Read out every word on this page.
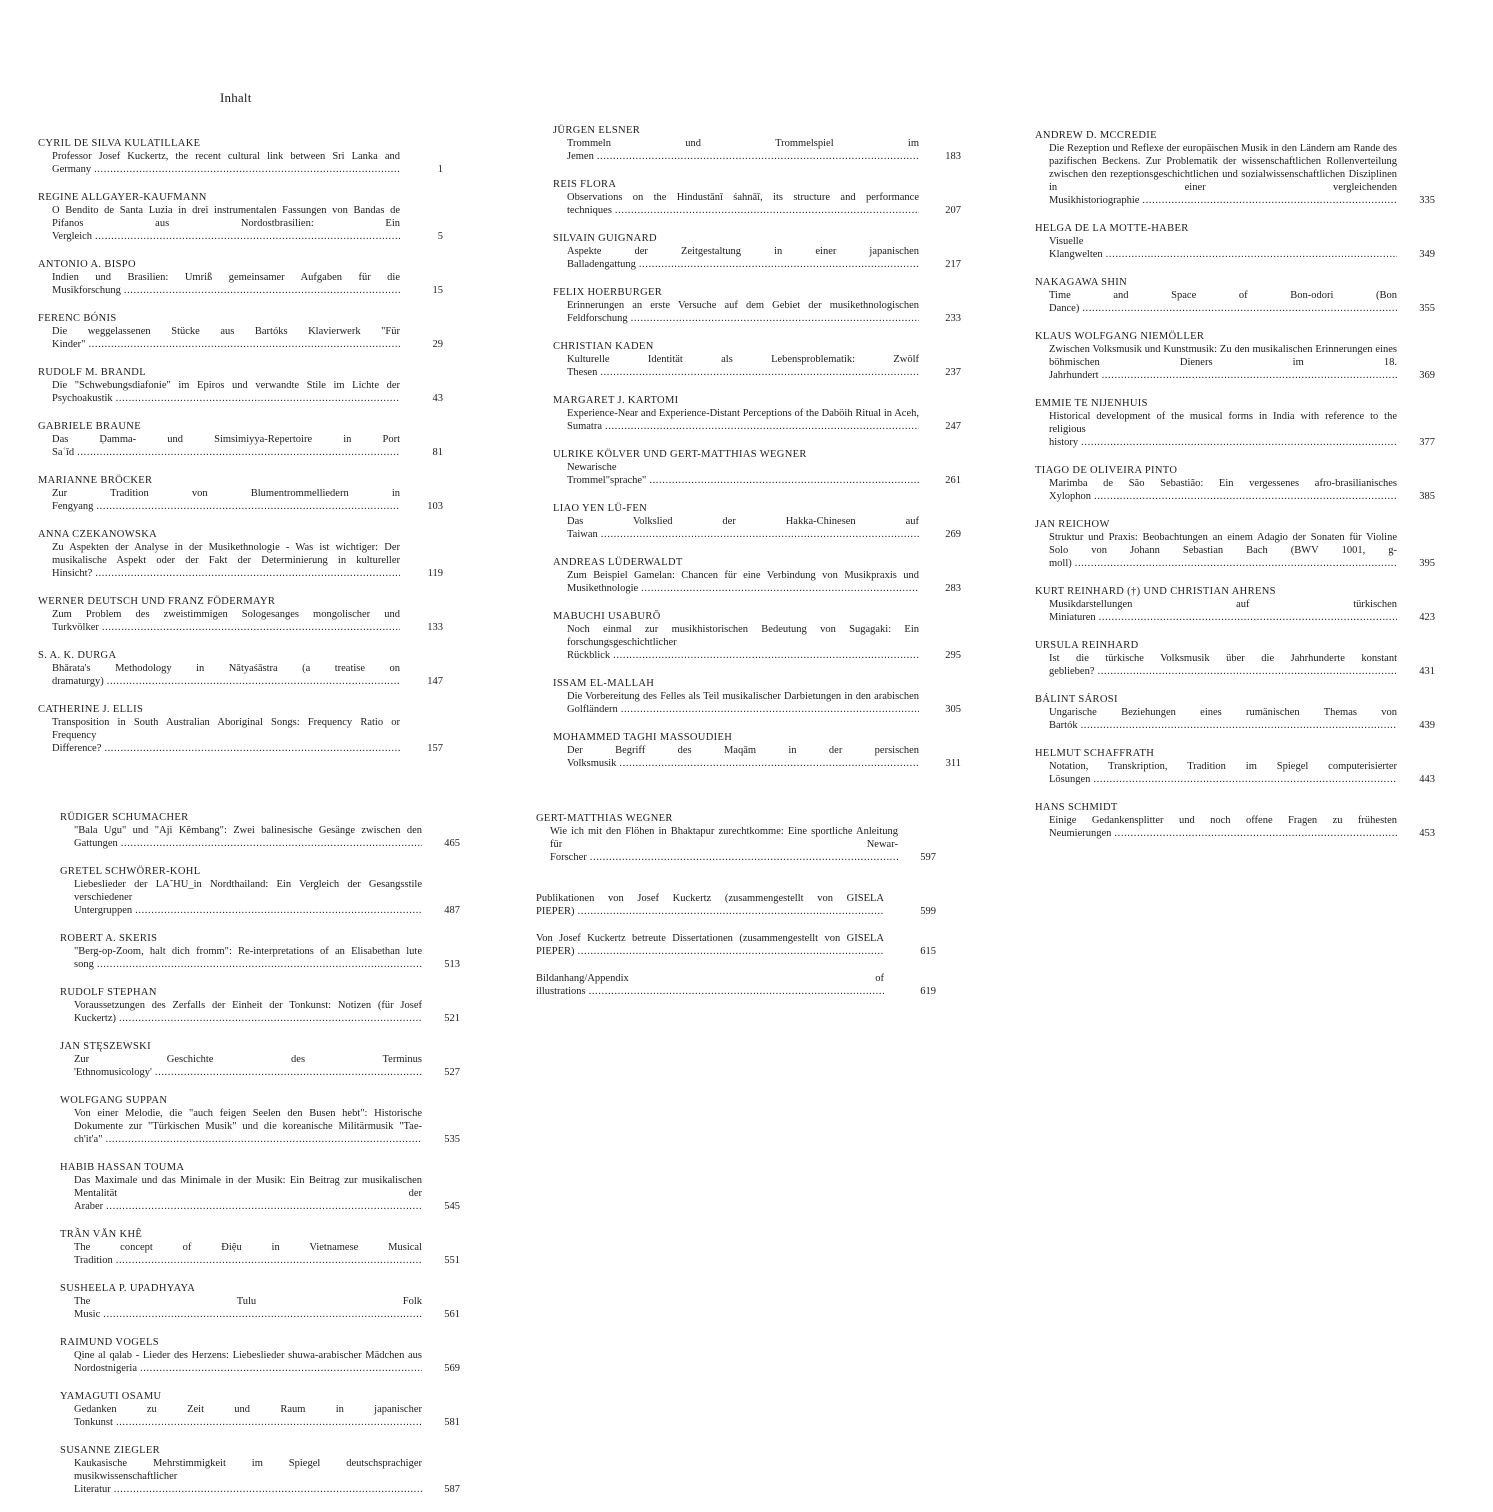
Inhalt
CYRIL DE SILVA KULATILLAKE
Professor Josef Kuckertz, the recent cultural link between Sri Lanka and Germany .....	1
REGINE ALLGAYER-KAUFMANN
O Bendito de Santa Luzia in drei instrumentalen Fassungen von Bandas de Pífanos aus Nordostbrasilien: Ein Vergleich .....	5
ANTONIO A. BISPO
Indien und Brasilien: Umriß gemeinsamer Aufgaben für die Musikforschung .....	15
FERENC BÓNIS
Die weggelassenen Stücke aus Bartóks Klavierwerk "Für Kinder" .....	29
RUDOLF M. BRANDL
Die "Schwebungsdiafonie" im Epiros und verwandte Stile im Lichte der Psychoakustik .....	43
GABRIELE BRAUNE
Das Ḍamma- und Simsimiyya-Repertoire in Port Saʿīd .....	81
MARIANNE BRÖCKER
Zur Tradition von Blumentrommelliedern in Fengyang .....	103
ANNA CZEKANOWSKA
Zu Aspekten der Analyse in der Musikethnologie - Was ist wichtiger: Der musikalische Aspekt oder der Fakt der Determinierung in kultureller Hinsicht? .....	119
WERNER DEUTSCH UND FRANZ FÖDERMAYR
Zum Problem des zweistimmigen Sologesanges mongolischer und Turkvölker .....	133
S. A. K. DURGA
Bhārata's Methodology in Nātyaśāstra (a treatise on dramaturgy) .....	147
CATHERINE J. ELLIS
Transposition in South Australian Aboriginal Songs: Frequency Ratio or Frequency Difference? .....	157
JÜRGEN ELSNER
Trommeln und Trommelspiel im Jemen .....	183
REIS FLORA
Observations on the Hindustānī śahnāī, its structure and performance techniques .....	207
SILVAIN GUIGNARD
Aspekte der Zeitgestaltung in einer japanischen Balladengattung .....	217
FELIX HOERBURGER
Erinnerungen an erste Versuche auf dem Gebiet der musikethnologischen Feldforschung .....	233
CHRISTIAN KADEN
Kulturelle Identität als Lebensproblematik: Zwölf Thesen .....	237
MARGARET J. KARTOMI
Experience-Near and Experience-Distant Perceptions of the Daböih Ritual in Aceh, Sumatra .....	247
ULRIKE KÖLVER UND GERT-MATTHIAS WEGNER
Newarische Trommel"sprache" .....	261
LIAO YEN LÜ-FEN
Das Volkslied der Hakka-Chinesen auf Taiwan .....	269
ANDREAS LÜDERWALDT
Zum Beispiel Gamelan: Chancen für eine Verbindung von Musikpraxis und Musikethnologie .....	283
MABUCHI USABURŌ
Noch einmal zur musikhistorischen Bedeutung von Sugagaki: Ein forschungsgeschichtlicher Rückblick .....	295
ISSAM EL-MALLAH
Die Vorbereitung des Felles als Teil musikalischer Darbietungen in den arabischen Golfländern .....	305
MOHAMMED TAGHI MASSOUDIEH
Der Begriff des Maqām in der persischen Volksmusik .....	311
ANDREW D. MCCREDIE
Die Rezeption und Reflexe der europäischen Musik in den Ländern am Rande des pazifischen Beckens. Zur Problematik der wissenschaftlichen Rollenverteilung zwischen den rezeptionsgeschichtlichen und sozialwissenschaftlichen Disziplinen in einer vergleichenden Musikhistoriographie .....	335
HELGA DE LA MOTTE-HABER
Visuelle Klangwelten .....	349
NAKAGAWA SHIN
Time and Space of Bon-odori (Bon Dance) .....	355
KLAUS WOLFGANG NIEMÖLLER
Zwischen Volksmusik und Kunstmusik: Zu den musikalischen Erinnerungen eines böhmischen Dieners im 18. Jahrhundert .....	369
EMMIE TE NIJENHUIS
Historical development of the musical forms in India with reference to the religious history .....	377
TIAGO DE OLIVEIRA PINTO
Marimba de São Sebastião: Ein vergessenes afro-brasilianisches Xylophon .....	385
JAN REICHOW
Struktur und Praxis: Beobachtungen an einem Adagio der Sonaten für Violine Solo von Johann Sebastian Bach (BWV 1001, g-moll) .....	395
KURT REINHARD (†) UND CHRISTIAN AHRENS
Musikdarstellungen auf türkischen Miniaturen .....	423
URSULA REINHARD
Ist die türkische Volksmusik über die Jahrhunderte konstant geblieben? .....	431
BÁLINT SÁROSI
Ungarische Beziehungen eines rumänischen Themas von Bartók .....	439
HELMUT SCHAFFRATH
Notation, Transkription, Tradition im Spiegel computerisierter Lösungen .....	443
HANS SCHMIDT
Einige Gedankensplitter und noch offene Fragen zu frühesten Neumierungen .....	453
RÜDIGER SCHUMACHER
"Bala Ugu" und "Aji Kĕmbang": Zwei balinesische Gesänge zwischen den Gattungen .....	465
GRETEL SCHWÖRER-KOHL
Liebeslieder der LA˜HU_in Nordthailand: Ein Vergleich der Gesangsstile verschiedener Untergruppen .....	487
ROBERT A. SKERIS
"Berg-op-Zoom, halt dich fromm": Re-interpretations of an Elisabethan lute song .....	513
RUDOLF STEPHAN
Voraussetzungen des Zerfalls der Einheit der Tonkunst: Notizen (für Josef Kuckertz) .....	521
JAN STĘSZEWSKI
Zur Geschichte des Terminus 'Ethnomusicology' .....	527
WOLFGANG SUPPAN
Von einer Melodie, die "auch feigen Seelen den Busen hebt": Historische Dokumente zur "Türkischen Musik" und die koreanische Militärmusik "Tae-ch'it'a" .....	535
HABIB HASSAN TOUMA
Das Maximale und das Minimale in der Musik: Ein Beitrag zur musikalischen Mentalität der Araber .....	545
TRẦN VĂN KHÊ
The concept of Điệu in Vietnamese Musical Tradition .....	551
SUSHEELA P. UPADHYAYA
The Tulu Folk Music .....	561
RAIMUND VOGELS
Qine al qalab - Lieder des Herzens: Liebeslieder shuwa-arabischer Mädchen aus Nordostnigeria .....	569
YAMAGUTI OSAMU
Gedanken zu Zeit und Raum in japanischer Tonkunst .....	581
SUSANNE ZIEGLER
Kaukasische Mehrstimmigkeit im Spiegel deutschsprachiger musikwissenschaftlicher Literatur .....	587
GERT-MATTHIAS WEGNER
Wie ich mit den Flöhen in Bhaktapur zurechtkomme: Eine sportliche Anleitung für Newar-Forscher .....	597
Publikationen von Josef Kuckertz (zusammengestellt von GISELA PIEPER) .....	599
Von Josef Kuckertz betreute Dissertationen (zusammengestellt von GISELA PIEPER) .....	615
Bildanhang/Appendix of illustrations .....	619
